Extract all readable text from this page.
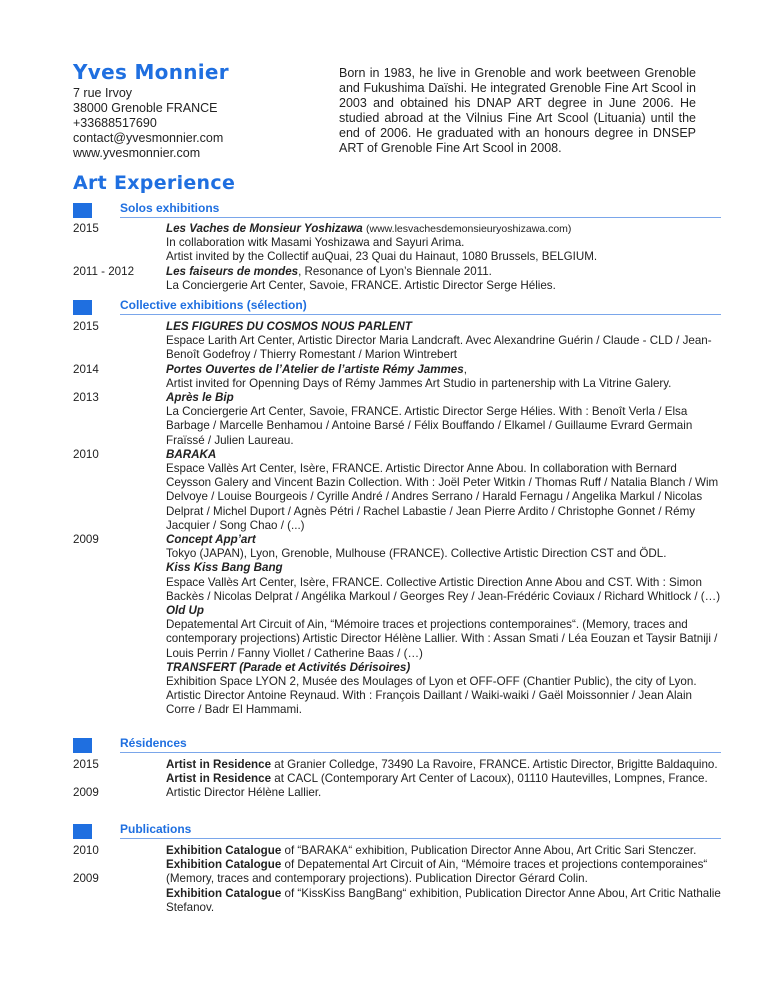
Yves Monnier
7 rue Irvoy
38000 Grenoble FRANCE
+33688517690
contact@yvesmonnier.com
www.yvesmonnier.com
Born in 1983, he live in Grenoble and work beetween Grenoble and Fukushima Daïshi. He integrated Grenoble Fine Art Scool in 2003 and obtained his DNAP ART degree in June 2006. He studied abroad at the Vilnius Fine Art Scool (Lituania) until the end of 2006. He graduated with an honours degree in DNSEP ART of Grenoble Fine Art Scool in 2008.
Art Experience
Solos exhibitions
2015
2011 - 2012
Les Vaches de Monsieur Yoshizawa (www.lesvachesdemonsieuryoshizawa.com)
In collaboration witk Masami Yoshizawa and Sayuri Arima.
Artist invited by the Collectif auQuai, 23 Quai du Hainaut, 1080 Brussels, BELGIUM.
Les faiseurs de mondes, Resonance of Lyon’s Biennale 2011.
La Conciergerie Art Center, Savoie, FRANCE. Artistic Director Serge Hélies.
Collective exhibitions (sélection)
2015
2014
2013
2010
2009
LES FIGURES DU COSMOS NOUS PARLENT
Espace Larith Art Center, Artistic Director Maria Landcraft. Avec Alexandrine Guérin / Claude - CLD / Jean-Benoît Godefroy / Thierry Romestant / Marion Wintrebert
Portes Ouvertes de l’Atelier de l’artiste Rémy Jammes,
Artist invited for Openning Days of Rémy Jammes Art Studio in partenership with La Vitrine Galery.
Après le Bip
La Conciergerie Art Center, Savoie, FRANCE. Artistic Director Serge Hélies. With : Benoît Verla / Elsa Barbage / Marcelle Benhamou / Antoine Barsé / Félix Bouffando / Elkamel / Guillaume Evrard Germain Fraïssé / Julien Laureau.
BARAKA
Espace Vallès Art Center, Isère, FRANCE. Artistic Director Anne Abou. In collaboration with Bernard Ceysson Galery and Vincent Bazin Collection. With : Joël Peter Witkin / Thomas Ruff / Natalia Blanch / Wim Delvoye / Louise Bourgeois / Cyrille André / Andres Serrano / Harald Fernagu / Angelika Markul / Nicolas Delprat / Michel Duport / Agnès Pétri / Rachel Labastie / Jean Pierre Ardito / Christophe Gonnet / Rémy Jacquier / Song Chao / (...)
Concept App’art
Tokyo (JAPAN), Lyon, Grenoble, Mulhouse (FRANCE). Collective Artistic Direction CST and ÖDL.
Kiss Kiss Bang Bang
Espace Vallès Art Center, Isère, FRANCE. Collective Artistic Direction Anne Abou and CST. With : Simon Backès / Nicolas Delprat / Angélika Markoul / Georges Rey / Jean-Frédéric Coviaux / Richard Whitlock / (…)
Old Up
Depatemental Art Circuit of Ain, “Mémoire traces et projections contemporaines“. (Memory, traces and contemporary projections) Artistic Director Hélène Lallier. With : Assan Smati / Léa Eouzan et Taysir Batniji / Louis Perrin / Fanny Viollet / Catherine Baas / (…)
TRANSFERT (Parade et Activités Dérisoires)
Exhibition Space LYON 2, Musée des Moulages of Lyon et OFF-OFF (Chantier Public), the city of Lyon. Artistic Director Antoine Reynaud. With : François Daillant / Waiki-waiki / Gaël Moissonnier / Jean Alain Corre / Badr El Hammami.
Résidences
2015
2009
Artist in Residence at Granier Colledge, 73490 La Ravoire, FRANCE. Artistic Director, Brigitte Baldaquino.
Artist in Residence at CACL (Contemporary Art Center of Lacoux), 01110 Hautevilles, Lompnes, France. Artistic Director Hélène Lallier.
Publications
2010
2009
Exhibition Catalogue of “BARAKA“ exhibition, Publication Director Anne Abou, Art Critic Sari Stenczer.
Exhibition Catalogue of Depatemental Art Circuit of Ain, “Mémoire traces et projections contemporaines“ (Memory, traces and contemporary projections). Publication Director Gérard Colin.
Exhibition Catalogue of “KissKiss BangBang“ exhibition, Publication Director Anne Abou, Art Critic Nathalie Stefanov.
